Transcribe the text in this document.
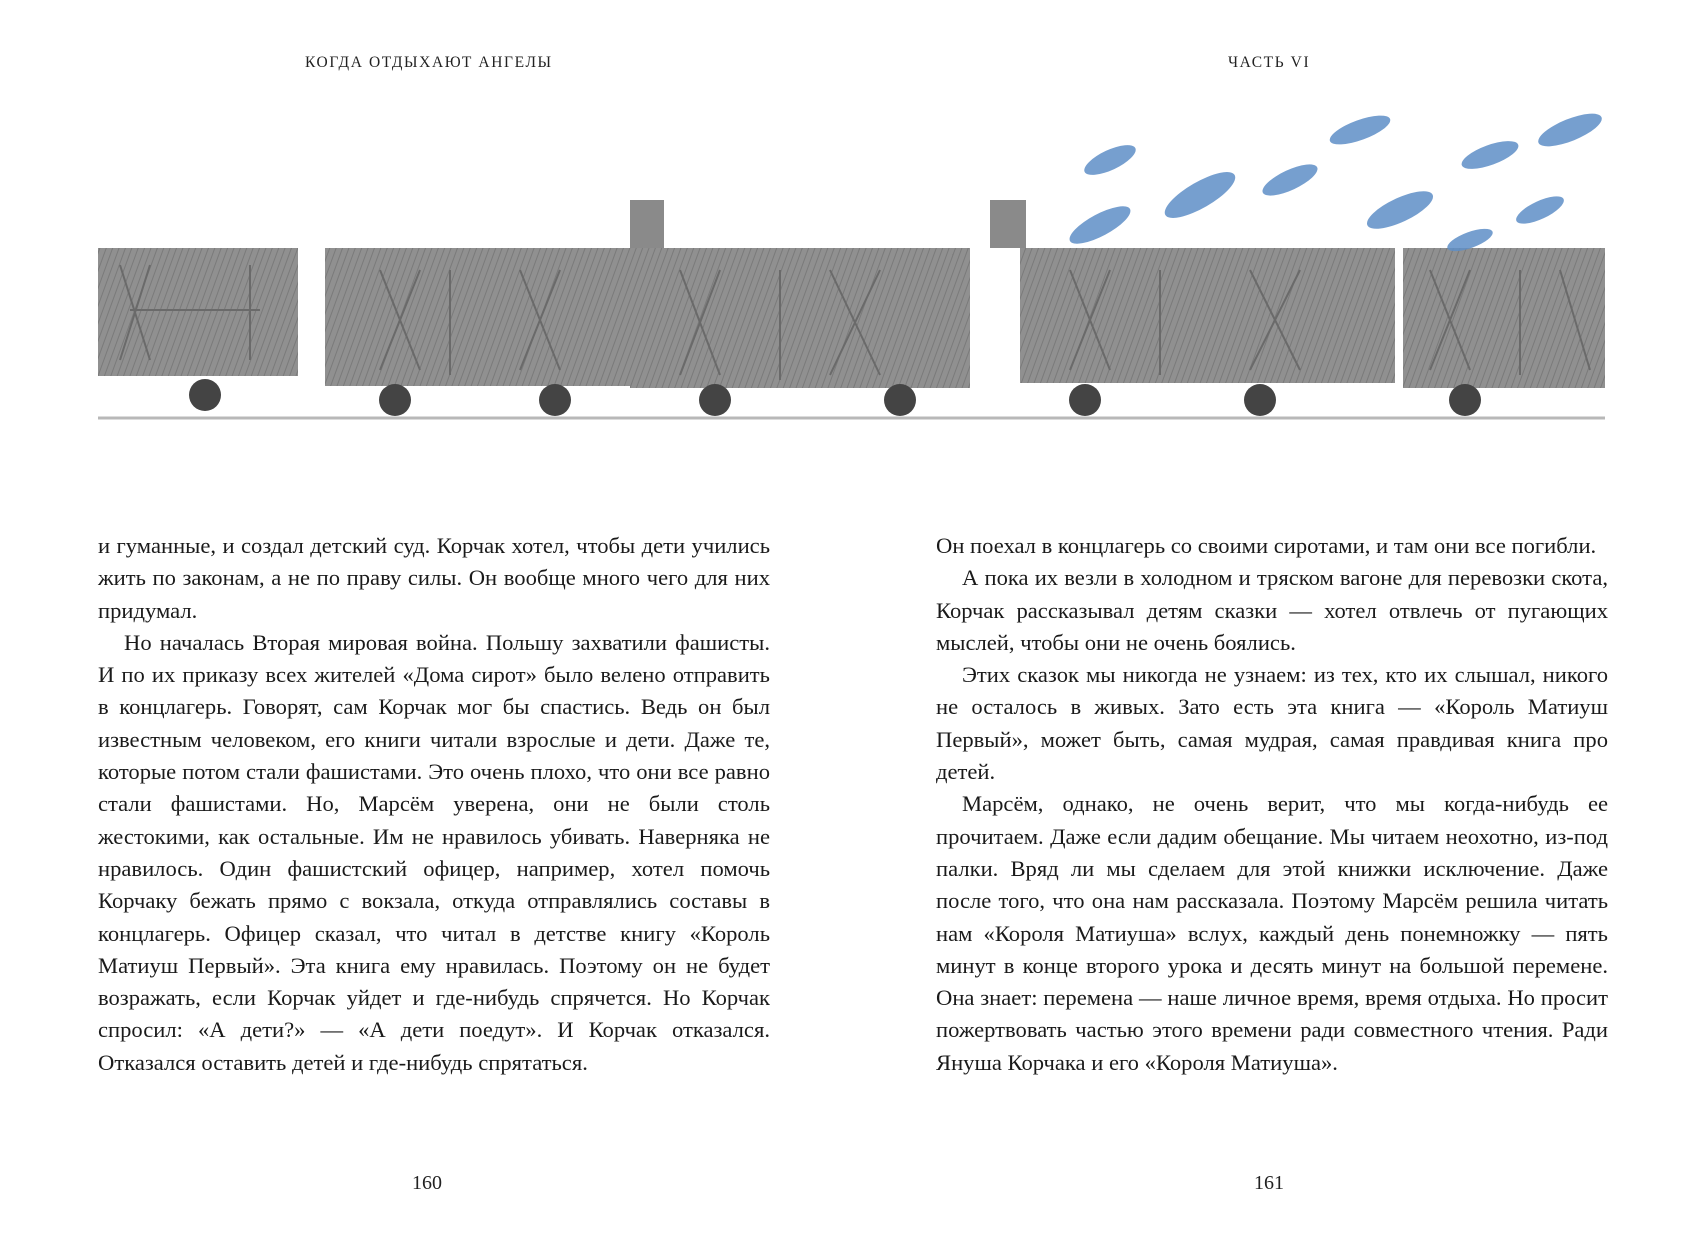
КОГДА ОТДЫХАЮТ АНГЕЛЫ

и гуманные, и создал детский суд. Корчак хотел, чтобы дети учились жить по законам, а не по праву силы. Он вообще много чего для них придумал.

Но началась Вторая мировая война. Польшу захватили фашисты. И по их приказу всех жителей «Дома сирот» было велено отправить в концлагерь. Говорят, сам Корчак мог бы спастись. Ведь он был известным человеком, его книги читали взрослые и дети. Даже те, которые потом стали фашистами. Это очень плохо, что они все равно стали фашистами. Но, Марсём уверена, они не были столь жестокими, как остальные. Им не нравилось убивать. Наверняка не нравилось. Один фашистский офицер, например, хотел помочь Корчаку бежать прямо с вокзала, откуда отправлялись составы в концлагерь. Офицер сказал, что читал в детстве книгу «Король Матиуш Первый». Эта книга ему нравилась. Поэтому он не будет возражать, если Корчак уйдет и где-нибудь спрячется. Но Корчак спросил: «А дети?» — «А дети поедут». И Корчак отказался. Отказался оставить детей и где-нибудь спрятаться.

160
ЧАСТЬ VI

Он поехал в концлагерь со своими сиротами, и там они все погибли.

А пока их везли в холодном и тряском вагоне для перевозки скота, Корчак рассказывал детям сказки — хотел отвлечь от пугающих мыслей, чтобы они не очень боялись.

Этих сказок мы никогда не узнаем: из тех, кто их слышал, никого не осталось в живых. Зато есть эта книга — «Король Матиуш Первый», может быть, самая мудрая, самая правдивая книга про детей.

Марсём, однако, не очень верит, что мы когда-нибудь ее прочитаем. Даже если дадим обещание. Мы читаем неохотно, из-под палки. Вряд ли мы сделаем для этой книжки исключение. Даже после того, что она нам рассказала. Поэтому Марсём решила читать нам «Короля Матиуша» вслух, каждый день понемножку — пять минут в конце второго урока и десять минут на большой перемене. Она знает: перемена — наше личное время, время отдыха. Но просит пожертвовать частью этого времени ради совместного чтения. Ради Януша Корчака и его «Короля Матиуша».

161
